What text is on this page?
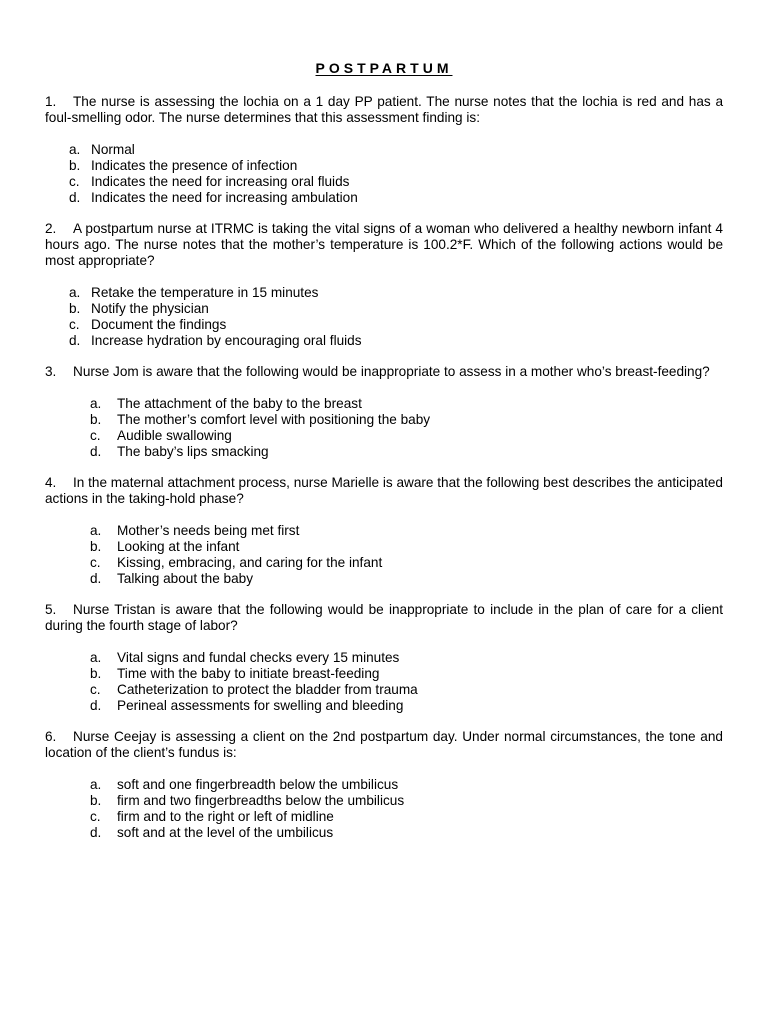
POSTPARTUM

1. The nurse is assessing the lochia on a 1 day PP patient. The nurse notes that the lochia is red and has a foul-smelling odor. The nurse determines that this assessment finding is:

a. Normal
b. Indicates the presence of infection
c. Indicates the need for increasing oral fluids
d. Indicates the need for increasing ambulation

2. A postpartum nurse at ITRMC is taking the vital signs of a woman who delivered a healthy newborn infant 4 hours ago. The nurse notes that the mother’s temperature is 100.2*F. Which of the following actions would be most appropriate?

a. Retake the temperature in 15 minutes
b. Notify the physician
c. Document the findings
d. Increase hydration by encouraging oral fluids

3. Nurse Jom is aware that the following would be inappropriate to assess in a mother who’s breast-feeding?

a. The attachment of the baby to the breast
b. The mother’s comfort level with positioning the baby
c. Audible swallowing
d. The baby’s lips smacking

4. In the maternal attachment process, nurse Marielle is aware that the following best describes the anticipated actions in the taking-hold phase?

a. Mother’s needs being met first
b. Looking at the infant
c. Kissing, embracing, and caring for the infant
d. Talking about the baby

5. Nurse Tristan is aware that the following would be inappropriate to include in the plan of care for a client during the fourth stage of labor?

a. Vital signs and fundal checks every 15 minutes
b. Time with the baby to initiate breast-feeding
c. Catheterization to protect the bladder from trauma
d. Perineal assessments for swelling and bleeding

6. Nurse Ceejay is assessing a client on the 2nd postpartum day. Under normal circumstances, the tone and location of the client’s fundus is:

a. soft and one fingerbreadth below the umbilicus
b. firm and two fingerbreadths below the umbilicus
c. firm and to the right or left of midline
d. soft and at the level of the umbilicus
